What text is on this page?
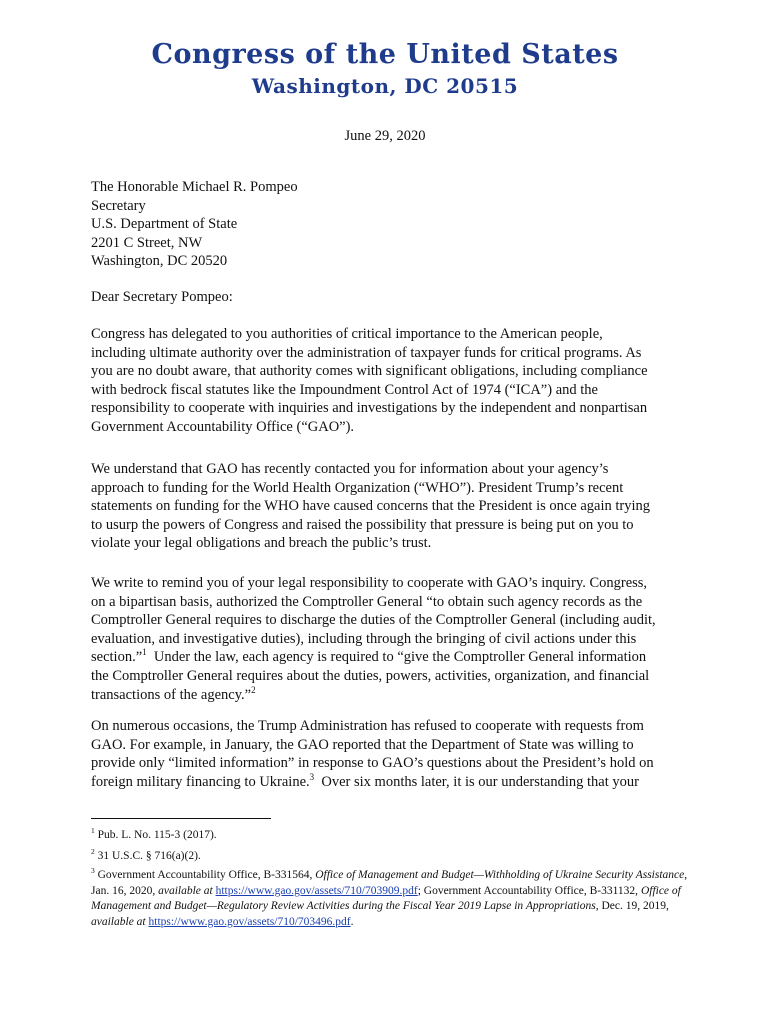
Congress of the United States
Washington, DC 20515
June 29, 2020
The Honorable Michael R. Pompeo
Secretary
U.S. Department of State
2201 C Street, NW
Washington, DC 20520
Dear Secretary Pompeo:
Congress has delegated to you authorities of critical importance to the American people,
including ultimate authority over the administration of taxpayer funds for critical programs. As
you are no doubt aware, that authority comes with significant obligations, including compliance
with bedrock fiscal statutes like the Impoundment Control Act of 1974 (“ICA”) and the
responsibility to cooperate with inquiries and investigations by the independent and nonpartisan
Government Accountability Office (“GAO”).
We understand that GAO has recently contacted you for information about your agency’s
approach to funding for the World Health Organization (“WHO”). President Trump’s recent
statements on funding for the WHO have caused concerns that the President is once again trying
to usurp the powers of Congress and raised the possibility that pressure is being put on you to
violate your legal obligations and breach the public’s trust.
We write to remind you of your legal responsibility to cooperate with GAO’s inquiry. Congress,
on a bipartisan basis, authorized the Comptroller General “to obtain such agency records as the
Comptroller General requires to discharge the duties of the Comptroller General (including audit,
evaluation, and investigative duties), including through the bringing of civil actions under this
section.”$^1$  Under the law, each agency is required to “give the Comptroller General information
the Comptroller General requires about the duties, powers, activities, organization, and financial
transactions of the agency.”$^2$
On numerous occasions, the Trump Administration has refused to cooperate with requests from
GAO. For example, in January, the GAO reported that the Department of State was willing to
provide only “limited information” in response to GAO’s questions about the President’s hold on
foreign military financing to Ukraine.$^3$  Over six months later, it is our understanding that your
$^1$ Pub. L. No. 115-3 (2017).
$^2$ 31 U.S.C. § 716(a)(2).
$^3$ Government Accountability Office, B-331564, Office of Management and Budget—Withholding of Ukraine Security Assistance, Jan. 16, 2020, available at https://www.gao.gov/assets/710/703909.pdf; Government Accountability Office, B-331132, Office of Management and Budget—Regulatory Review Activities during the Fiscal Year 2019 Lapse in Appropriations, Dec. 19, 2019, available at https://www.gao.gov/assets/710/703496.pdf.
